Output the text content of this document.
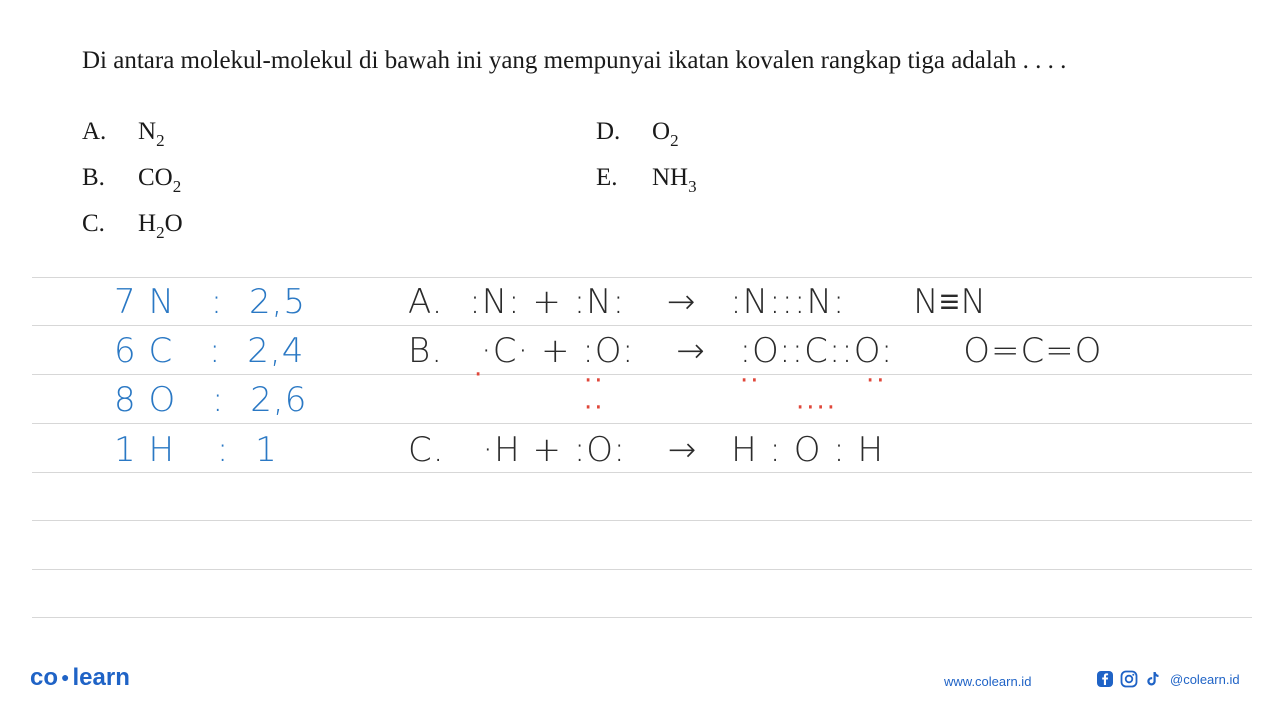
Di antara molekul-molekul di bawah ini yang mempunyai ikatan kovalen rangkap tiga adalah . . . .
A. $N_2$
B. $CO_2$
C. $H_2O$
D. $O_2$
E. $NH_3$
7 N : 2,5
6 C : 2,4
8 O : 2,6
1 H : 1
A. :N: + :N: → :N:::N: N≡N
B. ·C· + :O: → :O::C::O: O=C=O
C. ·H + :O: → H : O : H
·	··
··
··
····
··
co ● learn	www.colearn.id	@colearn.id
